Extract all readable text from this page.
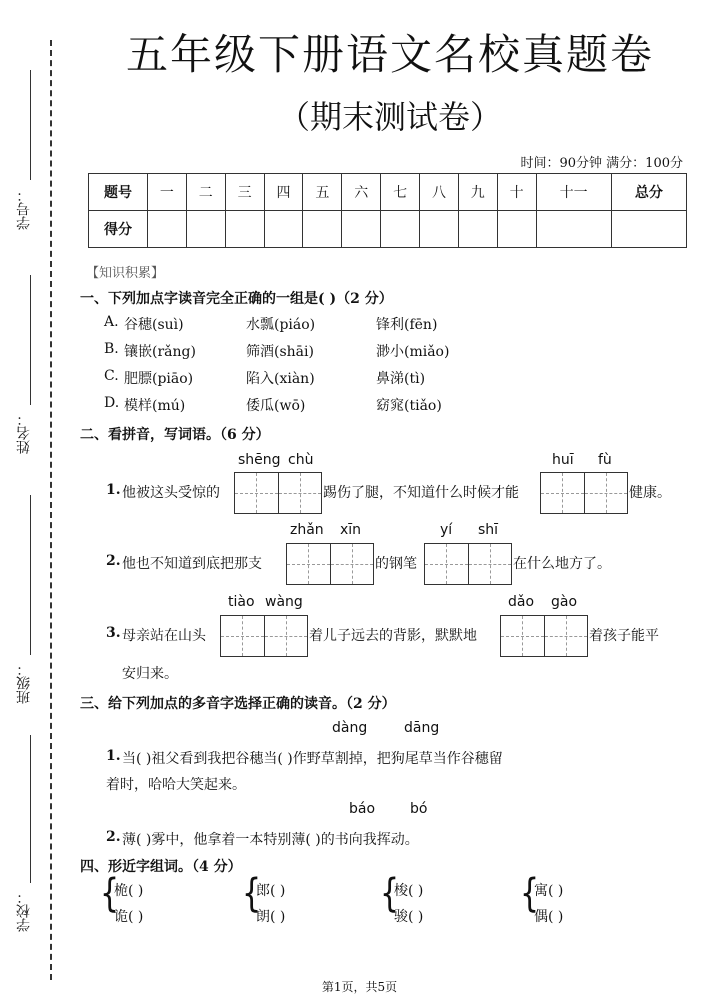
学号：
姓名：
班级：
学校：
五年级下册语文名校真题卷
（期末测试卷）
时间：90分钟 满分：100分
题号	一	二	三	四	五	六	七	八	九	十	十一	总分
得分												
【知识积累】
一、下列加点字读音完全正确的一组是( )（2 分）
A. 谷穗(suì)	水瓢(piáo)	锋利(fēn)
B. 镶嵌(rǎng)	筛酒(shāi)	渺小(miǎo)
C. 肥膘(piāo)	陷入(xiàn)	鼻涕(tì)
D. 模样(mú)	倭瓜(wō)	窈窕(tiǎo)
二、看拼音，写词语。（6 分）
shēng chù	huī fù
1. 他被这头受惊的	踢伤了腿，不知道什么时候才能	健康。
zhǎn xīn	yí shī
2. 他也不知道到底把那支	的钢笔	在什么地方了。
tiào wàng	dǎo gào
3. 母亲站在山头	着儿子远去的背影，默默地	着孩子能平
安归来。
三、给下列加点的多音字选择正确的读音。（2 分）
dàng	dāng
1. 当( )祖父看到我把谷穗当( )作野草割掉，把狗尾草当作谷穗留
着时，哈哈大笑起来。
báo bó
2. 薄( )雾中，他拿着一本特别薄( )的书向我挥动。
四、形近字组词。（4 分）
{
桅( )
诡( )	{
郎( )
朗( )	{
梭( )
骏( )	{
寓( )
偶( )
第1页，共5页
